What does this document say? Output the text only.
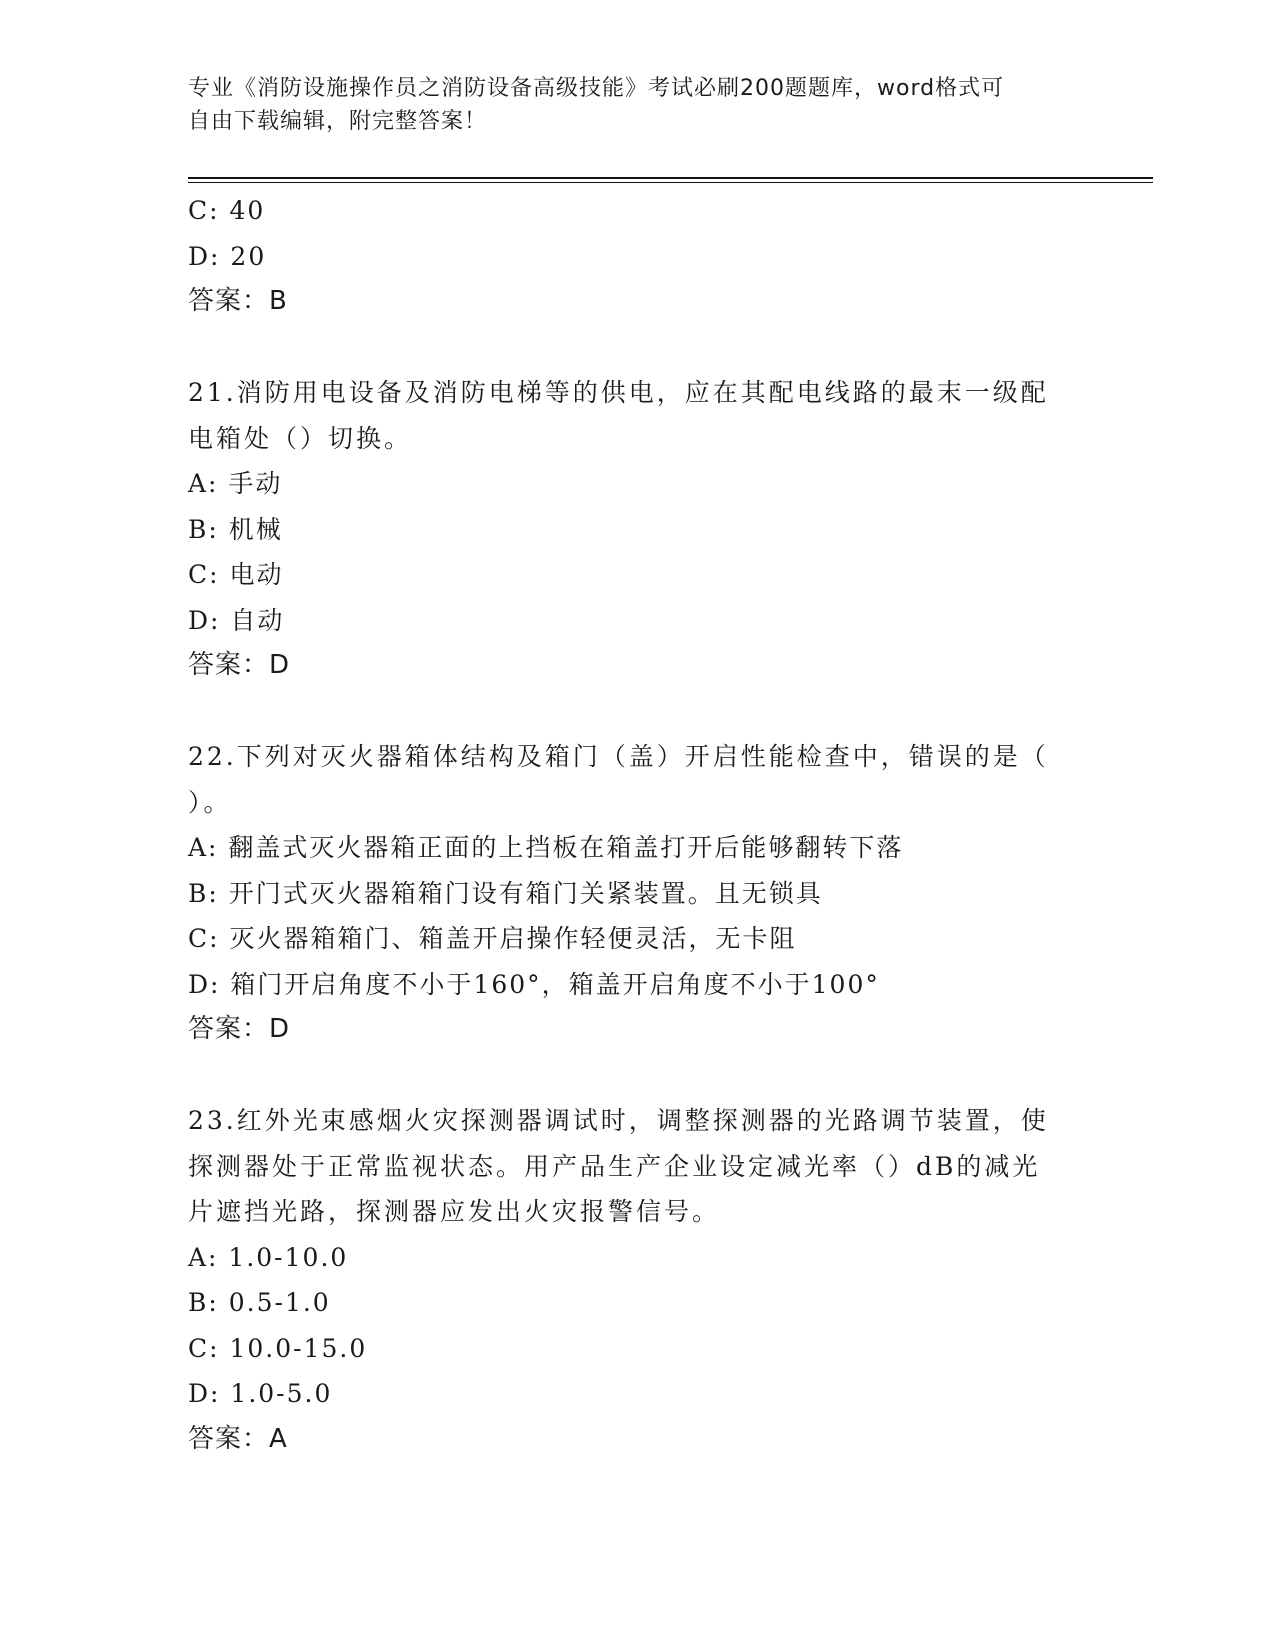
专业《消防设施操作员之消防设备高级技能》考试必刷200题题库，word格式可
自由下载编辑，附完整答案！
C: 40
D: 20
答案：B
21.消防用电设备及消防电梯等的供电，应在其配电线路的最末一级配
电箱处（）切换。
A: 手动
B: 机械
C: 电动
D: 自动
答案：D
22.下列对灭火器箱体结构及箱门（盖）开启性能检查中，错误的是（
）。
A: 翻盖式灭火器箱正面的上挡板在箱盖打开后能够翻转下落
B: 开门式灭火器箱箱门设有箱门关紧装置。且无锁具
C: 灭火器箱箱门、箱盖开启操作轻便灵活，无卡阻
D: 箱门开启角度不小于160°，箱盖开启角度不小于100°
答案：D
23.红外光束感烟火灾探测器调试时，调整探测器的光路调节装置，使
探测器处于正常监视状态。用产品生产企业设定减光率（）dB的减光
片遮挡光路，探测器应发出火灾报警信号。
A: 1.0-10.0
B: 0.5-1.0
C: 10.0-15.0
D: 1.0-5.0
答案：A
